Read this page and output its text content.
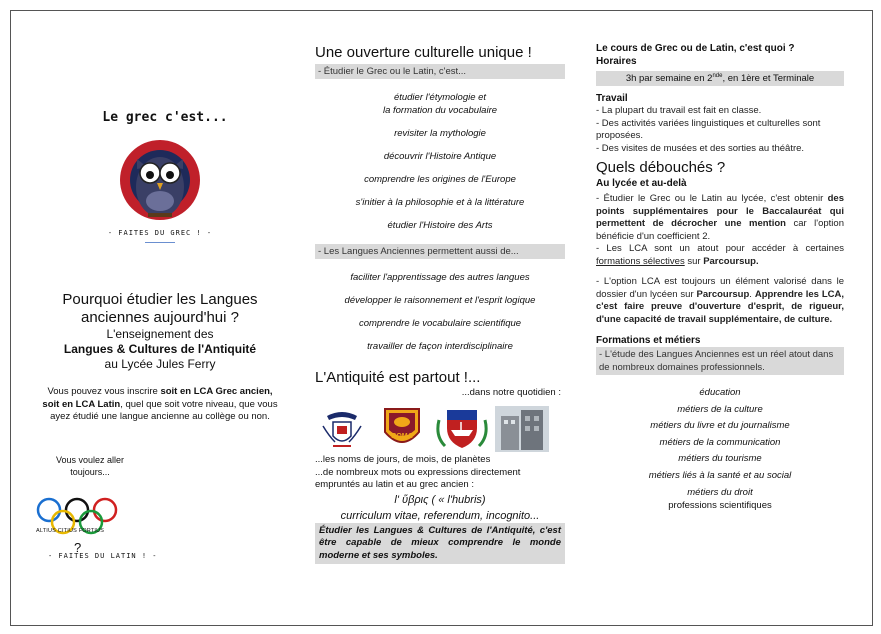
Le grec c'est...
- FAITES DU GREC ! -
Pourquoi étudier les Langues anciennes aujourd'hui ?
L'enseignement des
Langues & Cultures de l'Antiquité
au Lycée Jules Ferry
Vous pouvez vous inscrire soit en LCA Grec ancien, soit en LCA Latin, quel que soit votre niveau, que vous ayez étudié une langue ancienne au collège ou non.
Vous voulez aller toujours...
ALTIUS CITIUS FORTIUS
?
- FAITES DU LATIN ! -
Une ouverture culturelle unique !
- Étudier le Grec ou le Latin, c'est...
étudier l'étymologie et
la formation du vocabulaire
revisiter la mythologie
découvrir l'Histoire Antique
comprendre les origines de l'Europe
s'initier à la philosophie et à la littérature
étudier l'Histoire des Arts
- Les Langues Anciennes permettent aussi de...
faciliter l'apprentissage des autres langues
développer le raisonnement et l'esprit logique
comprendre le vocabulaire scientifique
travailler de façon interdisciplinaire
L'Antiquité est partout !...
...dans notre quotidien :
ROMA
...les noms de jours, de mois, de planètes
...de nombreux mots ou expressions directement empruntés au latin et au grec ancien :
l' ὕβρις ( « l'hubris)
curriculum vitae, referendum, incognito...
Étudier les Langues & Cultures de l'Antiquité, c'est être capable de mieux comprendre le monde moderne et ses symboles.
Le cours de Grec ou de Latin, c'est quoi ?
Horaires
3h par semaine en 2nde, en 1ère et Terminale
Travail
- La plupart du travail est fait en classe.
- Des activités variées linguistiques et culturelles sont proposées.
- Des visites de musées et des sorties au théâtre.
Quels débouchés ?
Au lycée et au-delà
- Étudier le Grec ou le Latin au lycée, c'est obtenir des points supplémentaires pour le Baccalauréat qui permettent de décrocher une mention car l'option bénéficie d'un coefficient 2.
- Les LCA sont un atout pour accéder à certaines formations sélectives sur Parcoursup.
- L'option LCA est toujours un élément valorisé dans le dossier d'un lycéen sur Parcoursup. Apprendre les LCA, c'est faire preuve d'ouverture d'esprit, de rigueur, d'une capacité de travail supplémentaire, de culture.
Formations et métiers
- L'étude des Langues Anciennes est un réel atout dans de nombreux domaines professionnels.
éducation
métiers de la culture
métiers du livre et du journalisme
métiers de la communication
métiers du tourisme
métiers liés à la santé et au social
métiers du droit
professions scientifiques
